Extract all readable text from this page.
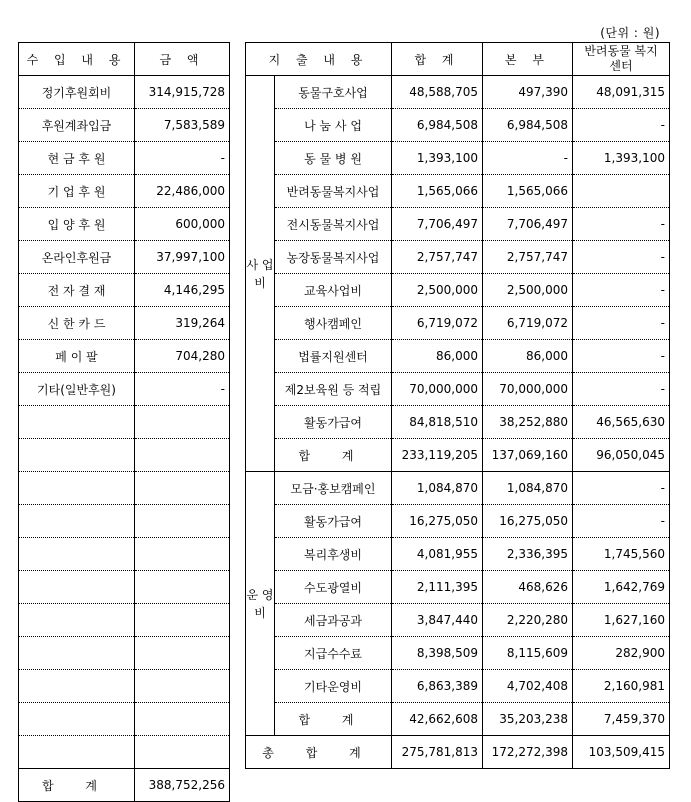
(단위 : 원)
수 입 내 용	금 액
정기후원회비	314,915,728
후원계좌입금	7,583,589
현 금 후 원	-
기 업 후 원	22,486,000
입 양 후 원	600,000
온라인후원금	37,997,100
전 자 결 재	4,146,295
신 한 카 드	319,264
페 이 팔	704,280
기타(일반후원)	-

합 계	388,752,256
지 출 내 용		합 계	본 부	반려동물 복지센터
사 업 비	동물구호사업	48,588,705	497,390	48,091,315
	나 눔 사 업	6,984,508	6,984,508	-
	동 물 병 원	1,393,100	-	1,393,100
	반려동물복지사업	1,565,066	1,565,066	
	전시동물복지사업	7,706,497	7,706,497	-
	농장동물복지사업	2,757,747	2,757,747	-
	교육사업비	2,500,000	2,500,000	-
	행사캠페인	6,719,072	6,719,072	-
	법률지원센터	86,000	86,000	-
	제2보육원 등 적립	70,000,000	70,000,000	-
	활동가급여	84,818,510	38,252,880	46,565,630
	합 계	233,119,205	137,069,160	96,050,045
운 영 비	모금·홍보캠페인	1,084,870	1,084,870	-
	활동가급여	16,275,050	16,275,050	-
	복리후생비	4,081,955	2,336,395	1,745,560
	수도광열비	2,111,395	468,626	1,642,769
	세금과공과	3,847,440	2,220,280	1,627,160
	지급수수료	8,398,509	8,115,609	282,900
	기타운영비	6,863,389	4,702,408	2,160,981
	합 계	42,662,608	35,203,238	7,459,370
총 합 계		275,781,813	172,272,398	103,509,415
